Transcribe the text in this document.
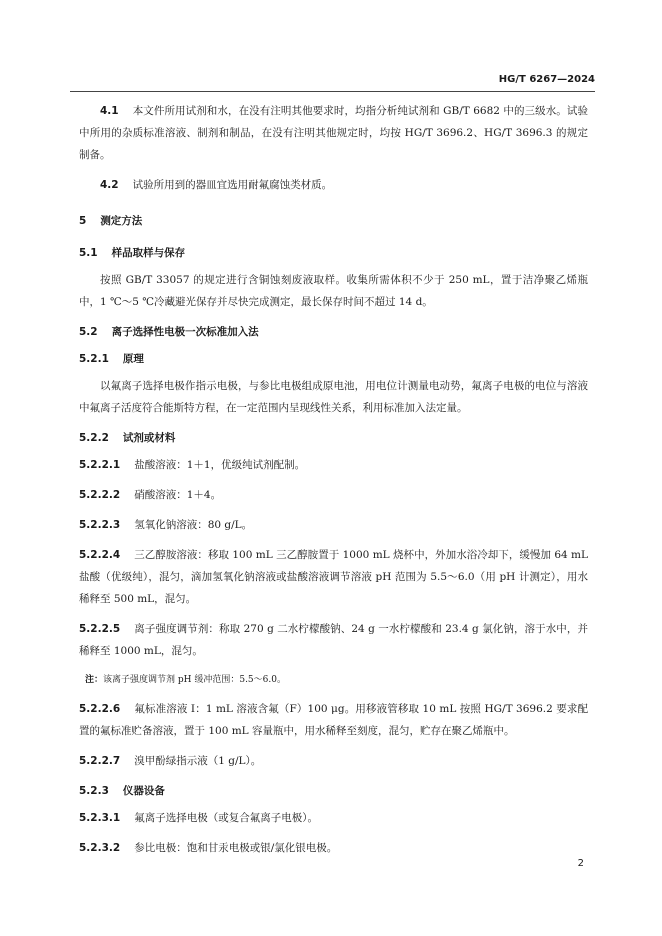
HG/T 6267—2024

4.1 本文件所用试剂和水，在没有注明其他要求时，均指分析纯试剂和 GB/T 6682 中的三级水。试验中所用的杂质标准溶液、制剂和制品，在没有注明其他规定时，均按 HG/T 3696.2、HG/T 3696.3 的规定制备。

4.2 试验所用到的器皿宜选用耐氟腐蚀类材质。

5 测定方法
5.1 样品取样与保存

按照 GB/T 33057 的规定进行含铜蚀刻废液取样。收集所需体积不少于 250 mL，置于洁净聚乙烯瓶中，1 ℃～5 ℃冷藏避光保存并尽快完成测定，最长保存时间不超过 14 d。

5.2 离子选择性电极一次标准加入法
5.2.1 原理

以氟离子选择电极作指示电极，与参比电极组成原电池，用电位计测量电动势，氟离子电极的电位与溶液中氟离子活度符合能斯特方程，在一定范围内呈现线性关系，利用标准加入法定量。

5.2.2 试剂或材料

5.2.2.1 盐酸溶液：1＋1，优级纯试剂配制。

5.2.2.2 硝酸溶液：1＋4。

5.2.2.3 氢氧化钠溶液：80 g/L。

5.2.2.4 三乙醇胺溶液：移取 100 mL 三乙醇胺置于 1000 mL 烧杯中，外加水浴冷却下，缓慢加 64 mL 盐酸（优级纯），混匀，滴加氢氧化钠溶液或盐酸溶液调节溶液 pH 范围为 5.5～6.0（用 pH 计测定），用水稀释至 500 mL，混匀。

5.2.2.5 离子强度调节剂：称取 270 g 二水柠檬酸钠、24 g 一水柠檬酸和 23.4 g 氯化钠，溶于水中，并稀释至 1000 mL，混匀。

注：该离子强度调节剂 pH 缓冲范围：5.5～6.0。

5.2.2.6 氟标准溶液 I：1 mL 溶液含氟（F）100 μg。用移液管移取 10 mL 按照 HG/T 3696.2 要求配置的氟标准贮备溶液，置于 100 mL 容量瓶中，用水稀释至刻度，混匀，贮存在聚乙烯瓶中。

5.2.2.7 溴甲酚绿指示液（1 g/L）。

5.2.3 仪器设备

5.2.3.1 氟离子选择电极（或复合氟离子电极）。

5.2.3.2 参比电极：饱和甘汞电极或银/氯化银电极。

2
